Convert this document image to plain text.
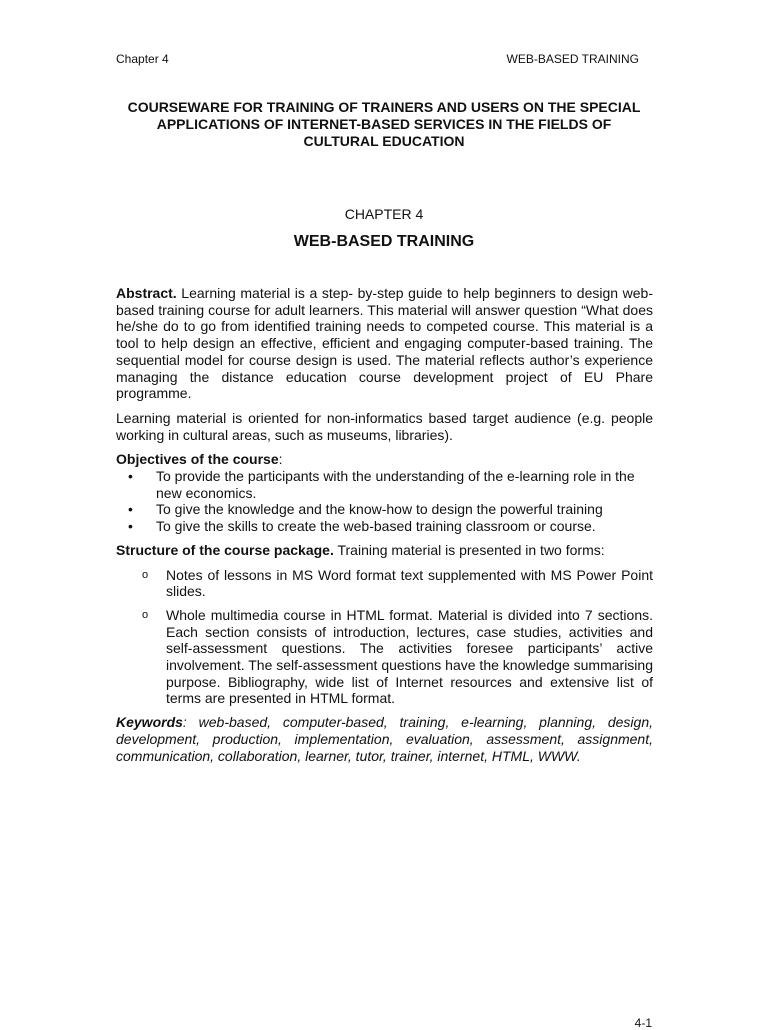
Chapter 4	WEB-BASED TRAINING
COURSEWARE FOR TRAINING OF TRAINERS AND USERS ON THE SPECIAL
APPLICATIONS OF INTERNET-BASED SERVICES IN THE FIELDS OF
CULTURAL EDUCATION
CHAPTER 4
WEB-BASED TRAINING

Abstract. Learning material is a step- by-step guide to help beginners to design web-based training course for adult learners. This material will answer question “What does he/she do to go from identified training needs to competed course. This material is a tool to help design an effective, efficient and engaging computer-based training. The sequential model for course design is used. The material reflects author’s experience managing the distance education course development project of EU Phare programme.

Learning material is oriented for non-informatics based target audience (e.g. people working in cultural areas, such as museums, libraries).

Objectives of the course:
• To provide the participants with the understanding of the e-learning role in the new economics.
• To give the knowledge and the know-how to design the powerful training
• To give the skills to create the web-based training classroom or course.

Structure of the course package. Training material is presented in two forms:

o Notes of lessons in MS Word format text supplemented with MS Power Point slides.
o Whole multimedia course in HTML format. Material is divided into 7 sections. Each section consists of introduction, lectures, case studies, activities and self-assessment questions. The activities foresee participants’ active involvement. The self-assessment questions have the knowledge summarising purpose. Bibliography, wide list of Internet resources and extensive list of terms are presented in HTML format.

Keywords: web-based, computer-based, training, e-learning, planning, design, development, production, implementation, evaluation, assessment, assignment, communication, collaboration, learner, tutor, trainer, internet, HTML, WWW.

4-1
